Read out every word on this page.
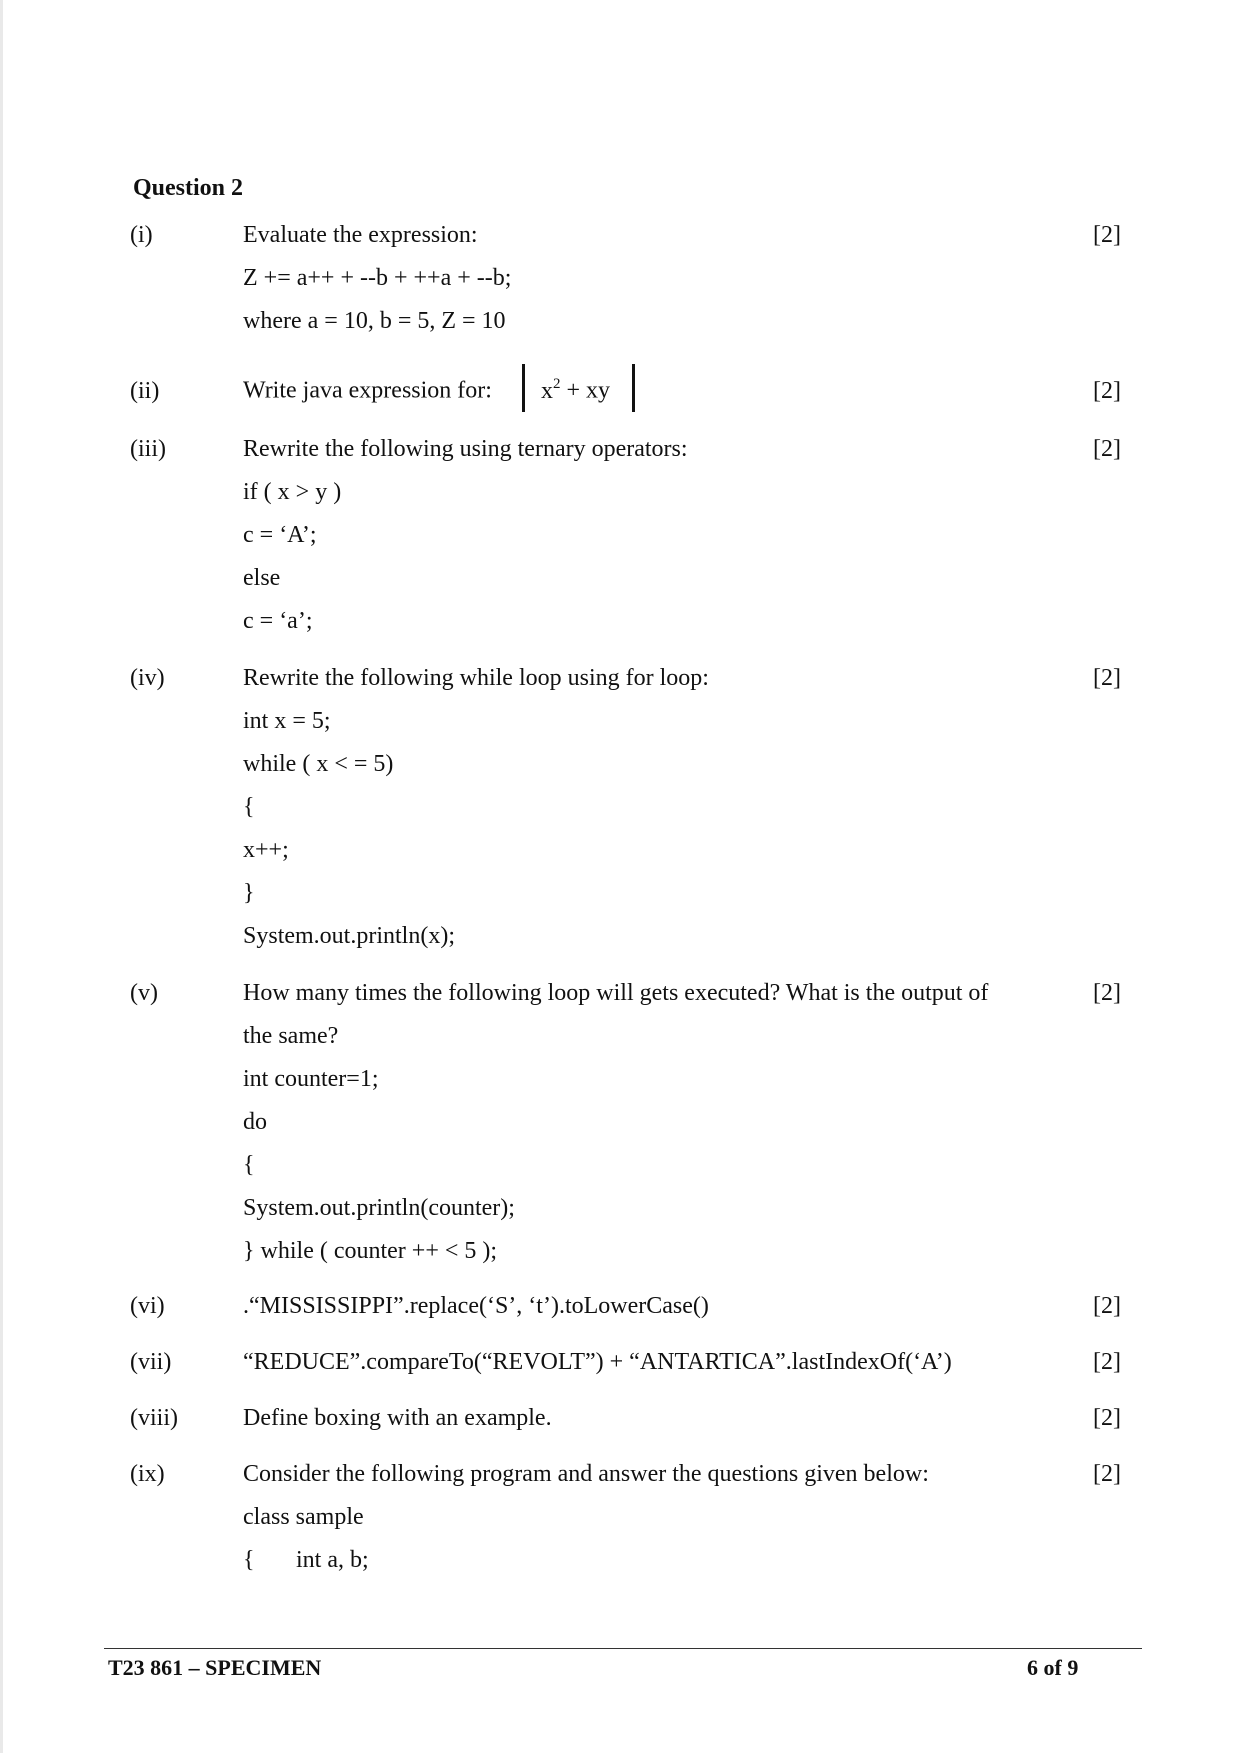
Question 2
(i)	Evaluate the expression:	[2]
Z += a++ + --b + ++a + --b;
where a = 10, b = 5, Z = 10
(ii)	Write java expression for: $x^2$ + xy	[2]
(iii)	Rewrite the following using ternary operators:	[2]
if ( x > y )
c = ‘A’;
else
c = ‘a’;
(iv)	Rewrite the following while loop using for loop:	[2]
int x = 5;
while ( x < = 5)
{
x++;
}
System.out.println(x);
(v)	How many times the following loop will gets executed? What is the output of	[2]
the same?
int counter=1;
do
{
System.out.println(counter);
} while ( counter ++ < 5 );
(vi)	.“MISSISSIPPI”.replace(‘S’, ‘t’).toLowerCase()	[2]
(vii)	“REDUCE”.compareTo(“REVOLT”) + “ANTARTICA”.lastIndexOf(‘A’)	[2]
(viii)	Define boxing with an example.	[2]
(ix)	Consider the following program and answer the questions given below:	[2]
class sample
{ int a, b;
T23 861 – SPECIMEN	6 of 9
